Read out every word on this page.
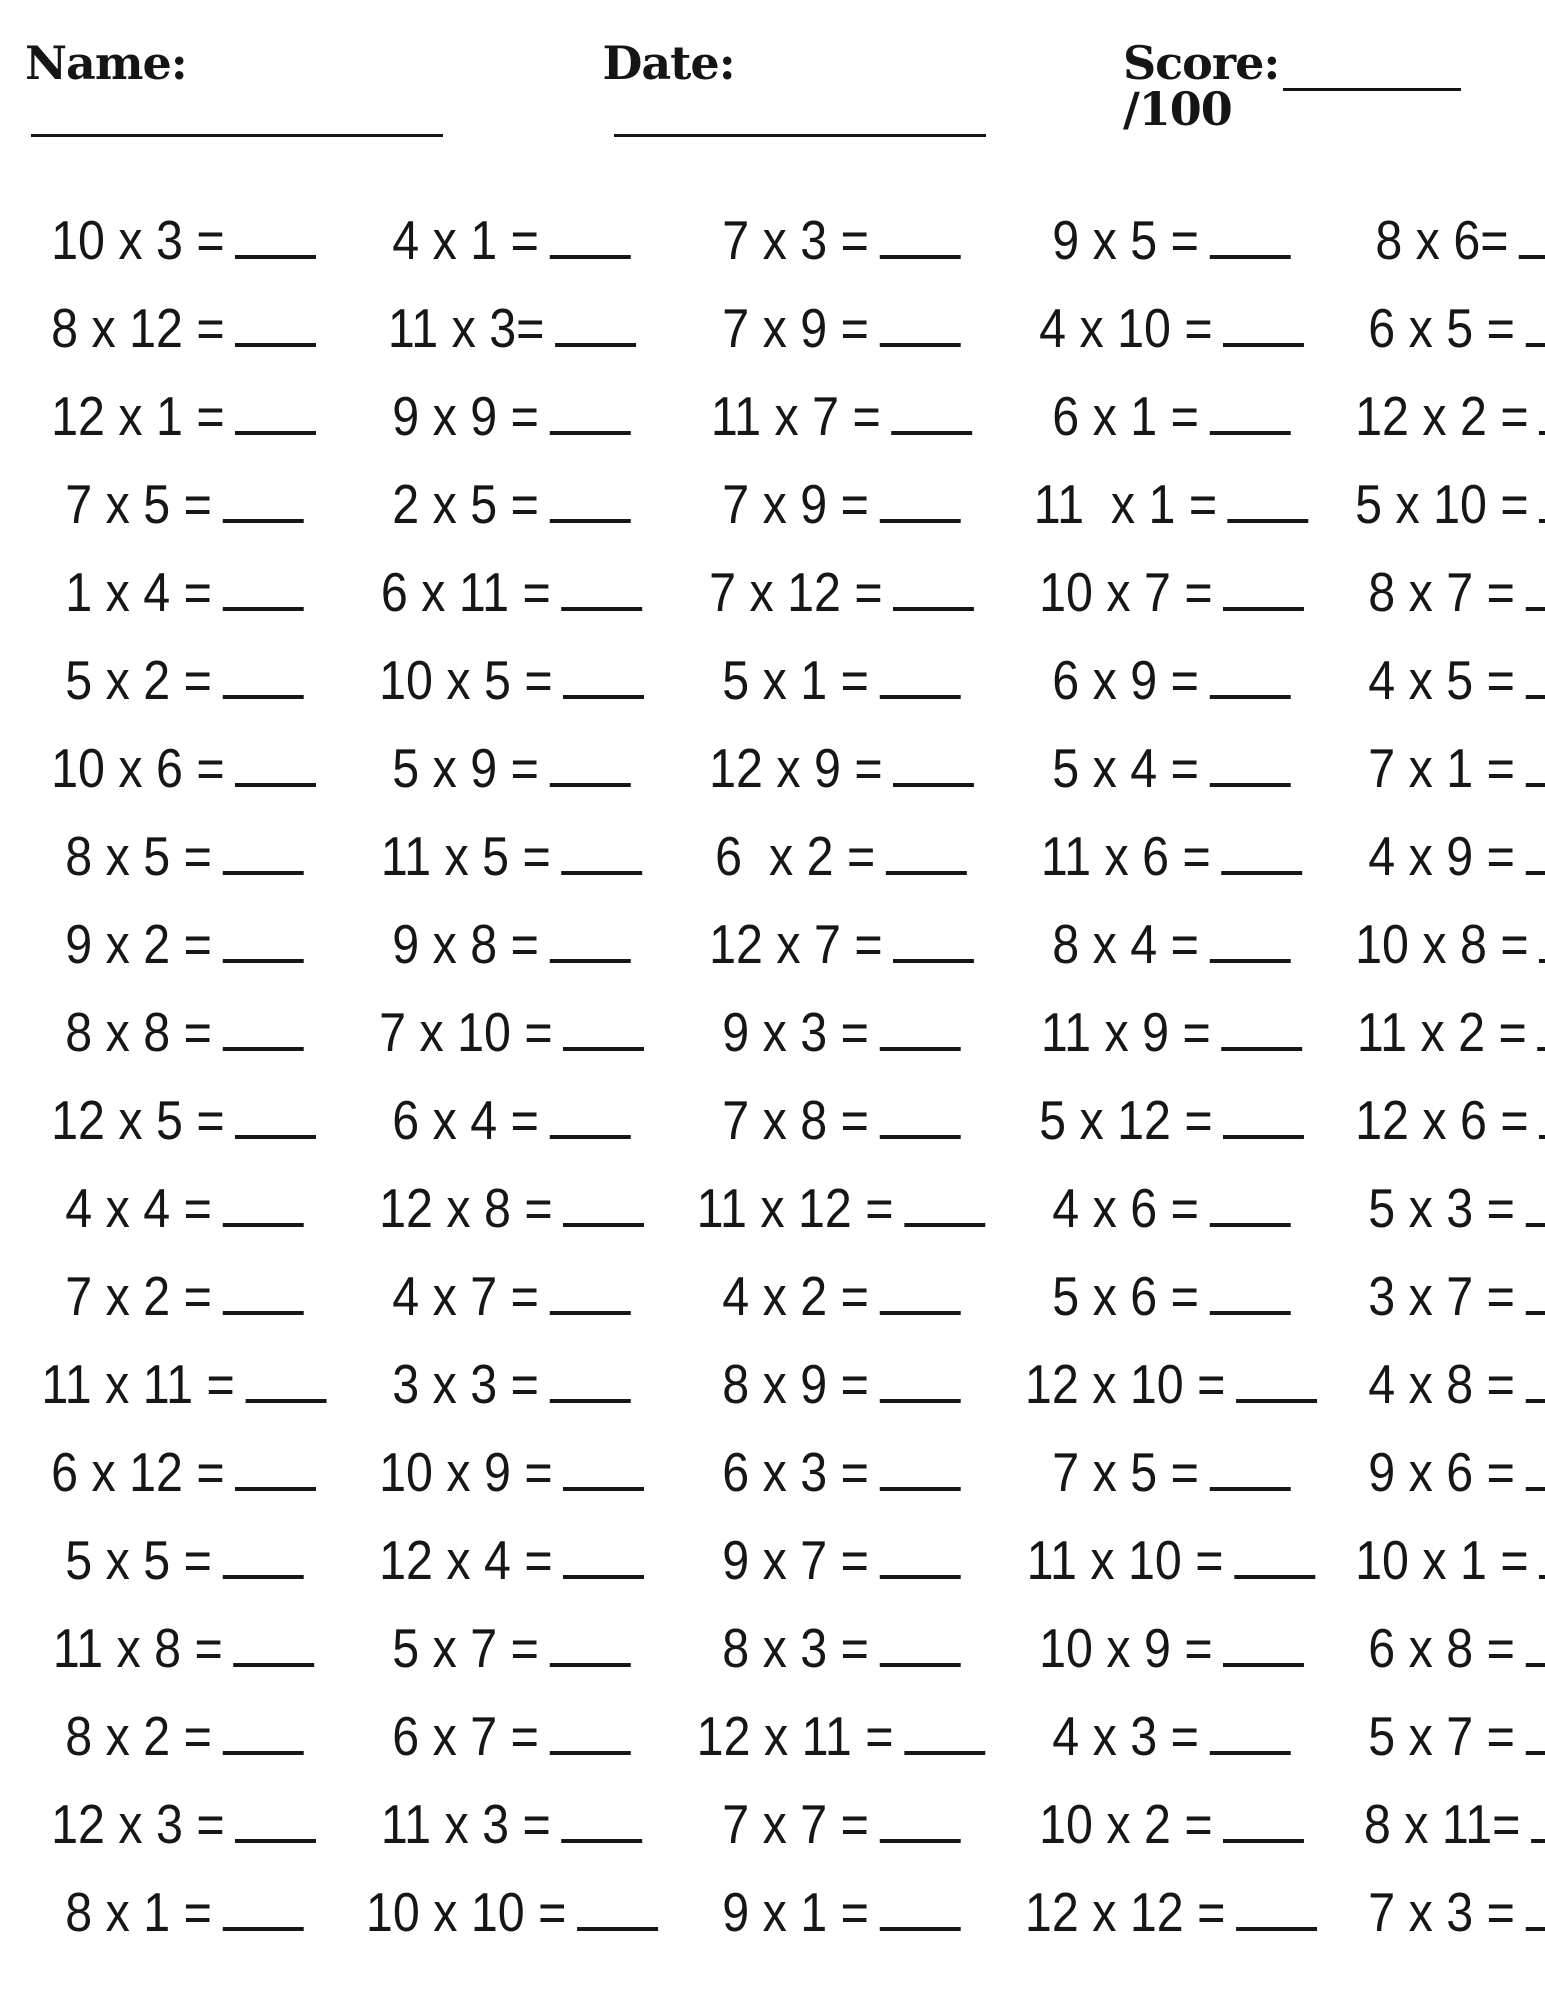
Name:	Date:	Score:/100
10 x 3 =	4 x 1 =	7 x 3 =	9 x 5 =	8 x 6=
8 x 12 =	11 x 3=	7 x 9 =	4 x 10 =	6 x 5 =
12 x 1 =	9 x 9 =	11 x 7 =	6 x 1 =	12 x 2 =
7 x 5 =	2 x 5 =	7 x 9 =	11  x 1 =	5 x 10 =
1 x 4 =	6 x 11 =	7 x 12 =	10 x 7 =	8 x 7 =
5 x 2 =	10 x 5 =	5 x 1 =	6 x 9 =	4 x 5 =
10 x 6 =	5 x 9 =	12 x 9 =	5 x 4 =	7 x 1 =
8 x 5 =	11 x 5 =	6  x 2 =	11 x 6 =	4 x 9 =
9 x 2 =	9 x 8 =	12 x 7 =	8 x 4 =	10 x 8 =
8 x 8 =	7 x 10 =	9 x 3 =	11 x 9 =	11 x 2 =
12 x 5 =	6 x 4 =	7 x 8 =	5 x 12 =	12 x 6 =
4 x 4 =	12 x 8 =	11 x 12 =	4 x 6 =	5 x 3 =
7 x 2 =	4 x 7 =	4 x 2 =	5 x 6 =	3 x 7 =
11 x 11 =	3 x 3 =	8 x 9 =	12 x 10 =	4 x 8 =
6 x 12 =	10 x 9 =	6 x 3 =	7 x 5 =	9 x 6 =
5 x 5 =	12 x 4 =	9 x 7 =	11 x 10 = 10 x 1 =
11 x 8 =	5 x 7 =	8 x 3 =	10 x 9 =	6 x 8 =
8 x 2 =	6 x 7 =	12 x 11 =	4 x 3 =	5 x 7 =
12 x 3 =	11 x 3 =	7 x 7 =	10 x 2 =	8 x 11=
8 x 1 =	10 x 10 =	9 x 1 =	12 x 12 =	7 x 3 =
